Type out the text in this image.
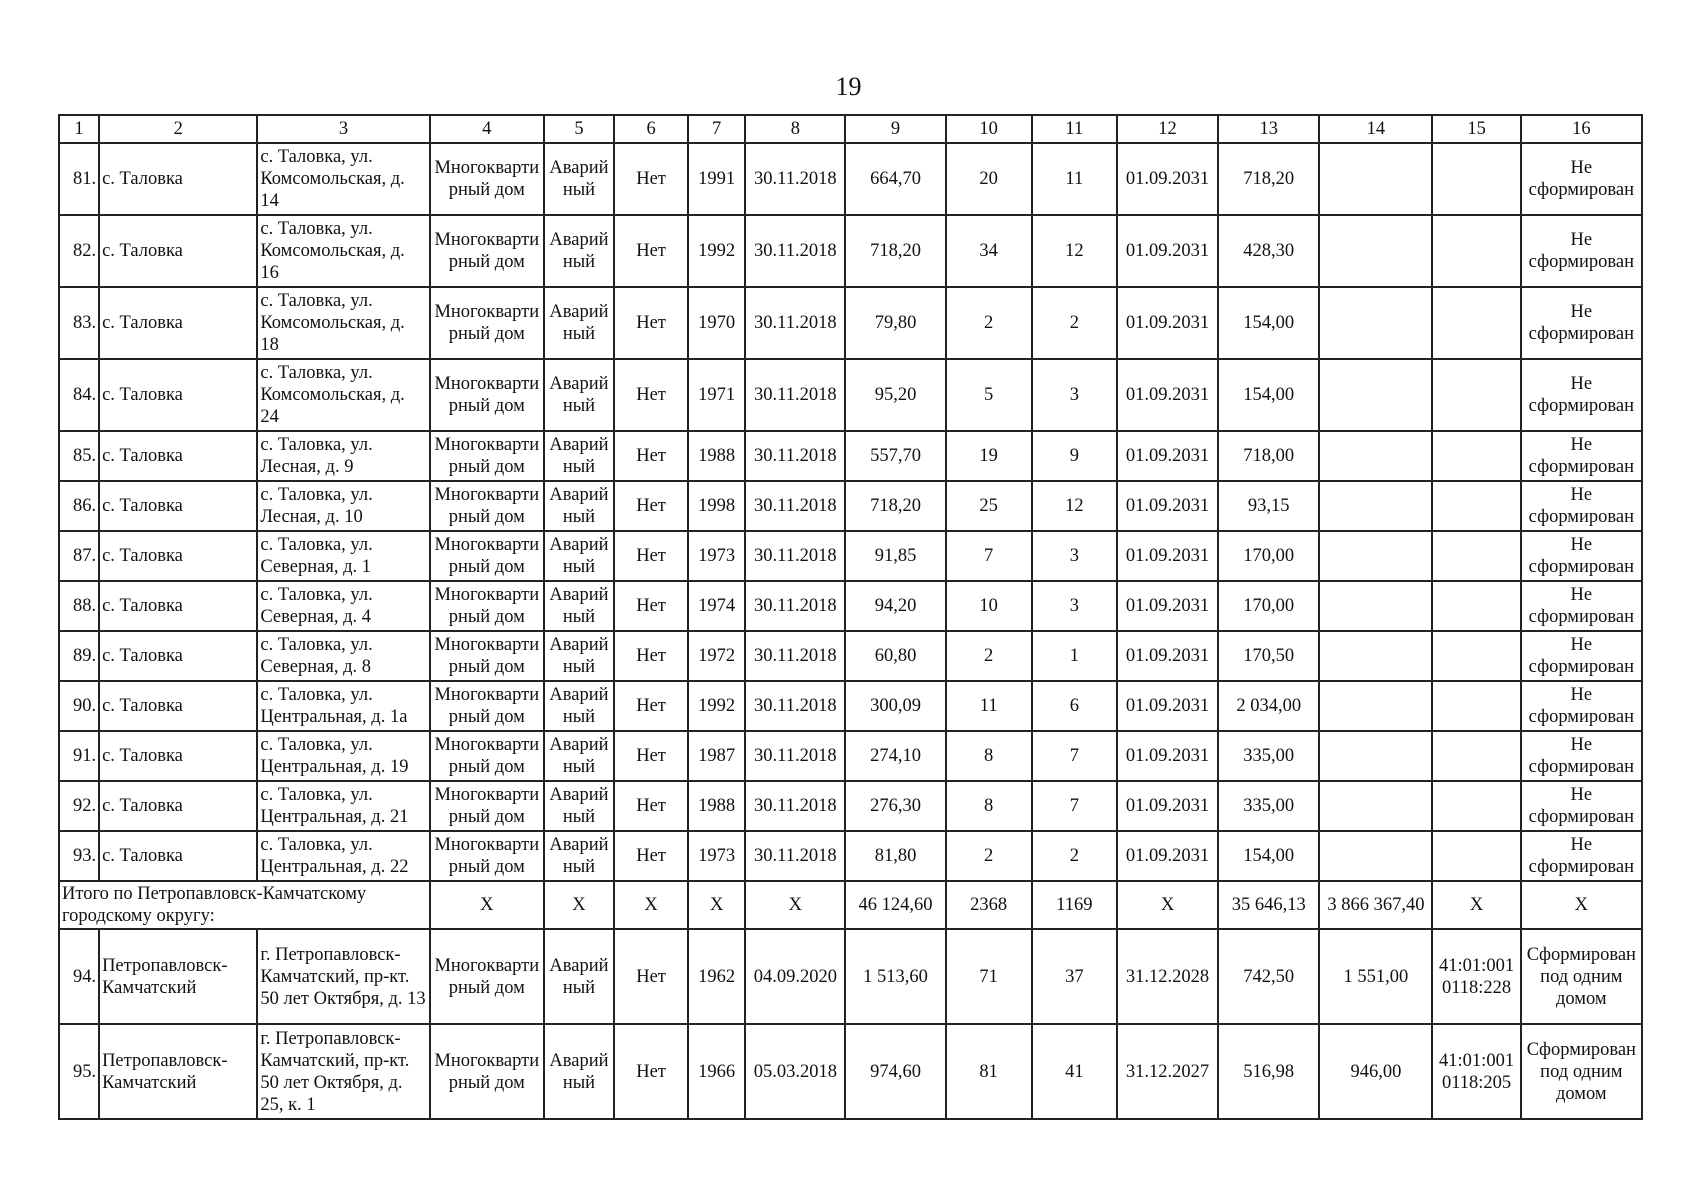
19
1	2	3	4	5	6	7	8	9	10	11	12	13	14	15	16
81.	с. Таловка	с. Таловка, ул. Комсомольская, д. 14	Многоквартирный дом	Аварийный	Нет	1991	30.11.2018	664,70	20	11	01.09.2031	718,20			Не сформирован
82.	с. Таловка	с. Таловка, ул. Комсомольская, д. 16	Многоквартирный дом	Аварийный	Нет	1992	30.11.2018	718,20	34	12	01.09.2031	428,30			Не сформирован
83.	с. Таловка	с. Таловка, ул. Комсомольская, д. 18	Многоквартирный дом	Аварийный	Нет	1970	30.11.2018	79,80	2	2	01.09.2031	154,00			Не сформирован
84.	с. Таловка	с. Таловка, ул. Комсомольская, д. 24	Многоквартирный дом	Аварийный	Нет	1971	30.11.2018	95,20	5	3	01.09.2031	154,00			Не сформирован
85.	с. Таловка	с. Таловка, ул. Лесная, д. 9	Многоквартирный дом	Аварийный	Нет	1988	30.11.2018	557,70	19	9	01.09.2031	718,00			Не сформирован
86.	с. Таловка	с. Таловка, ул. Лесная, д. 10	Многоквартирный дом	Аварийный	Нет	1998	30.11.2018	718,20	25	12	01.09.2031	93,15			Не сформирован
87.	с. Таловка	с. Таловка, ул. Северная, д. 1	Многоквартирный дом	Аварийный	Нет	1973	30.11.2018	91,85	7	3	01.09.2031	170,00			Не сформирован
88.	с. Таловка	с. Таловка, ул. Северная, д. 4	Многоквартирный дом	Аварийный	Нет	1974	30.11.2018	94,20	10	3	01.09.2031	170,00			Не сформирован
89.	с. Таловка	с. Таловка, ул. Северная, д. 8	Многоквартирный дом	Аварийный	Нет	1972	30.11.2018	60,80	2	1	01.09.2031	170,50			Не сформирован
90.	с. Таловка	с. Таловка, ул. Центральная, д. 1а	Многоквартирный дом	Аварийный	Нет	1992	30.11.2018	300,09	11	6	01.09.2031	2 034,00			Не сформирован
91.	с. Таловка	с. Таловка, ул. Центральная, д. 19	Многоквартирный дом	Аварийный	Нет	1987	30.11.2018	274,10	8	7	01.09.2031	335,00			Не сформирован
92.	с. Таловка	с. Таловка, ул. Центральная, д. 21	Многоквартирный дом	Аварийный	Нет	1988	30.11.2018	276,30	8	7	01.09.2031	335,00			Не сформирован
93.	с. Таловка	с. Таловка, ул. Центральная, д. 22	Многоквартирный дом	Аварийный	Нет	1973	30.11.2018	81,80	2	2	01.09.2031	154,00			Не сформирован
Итого по Петропавловск-Камчатскому городскому округу:			X	X	X	X	X	46 124,60	2368	1169	X	35 646,13	3 866 367,40	X	X
94.	Петропавловск-Камчатский	г. Петропавловск-Камчатский, пр-кт. 50 лет Октября, д. 13	Многоквартирный дом	Аварийный	Нет	1962	04.09.2020	1 513,60	71	37	31.12.2028	742,50	1 551,00	41:01:0010118:228	Сформирован под одним домом
95.	Петропавловск-Камчатский	г. Петропавловск-Камчатский, пр-кт. 50 лет Октября, д. 25, к. 1	Многоквартирный дом	Аварийный	Нет	1966	05.03.2018	974,60	81	41	31.12.2027	516,98	946,00	41:01:0010118:205	Сформирован под одним домом
